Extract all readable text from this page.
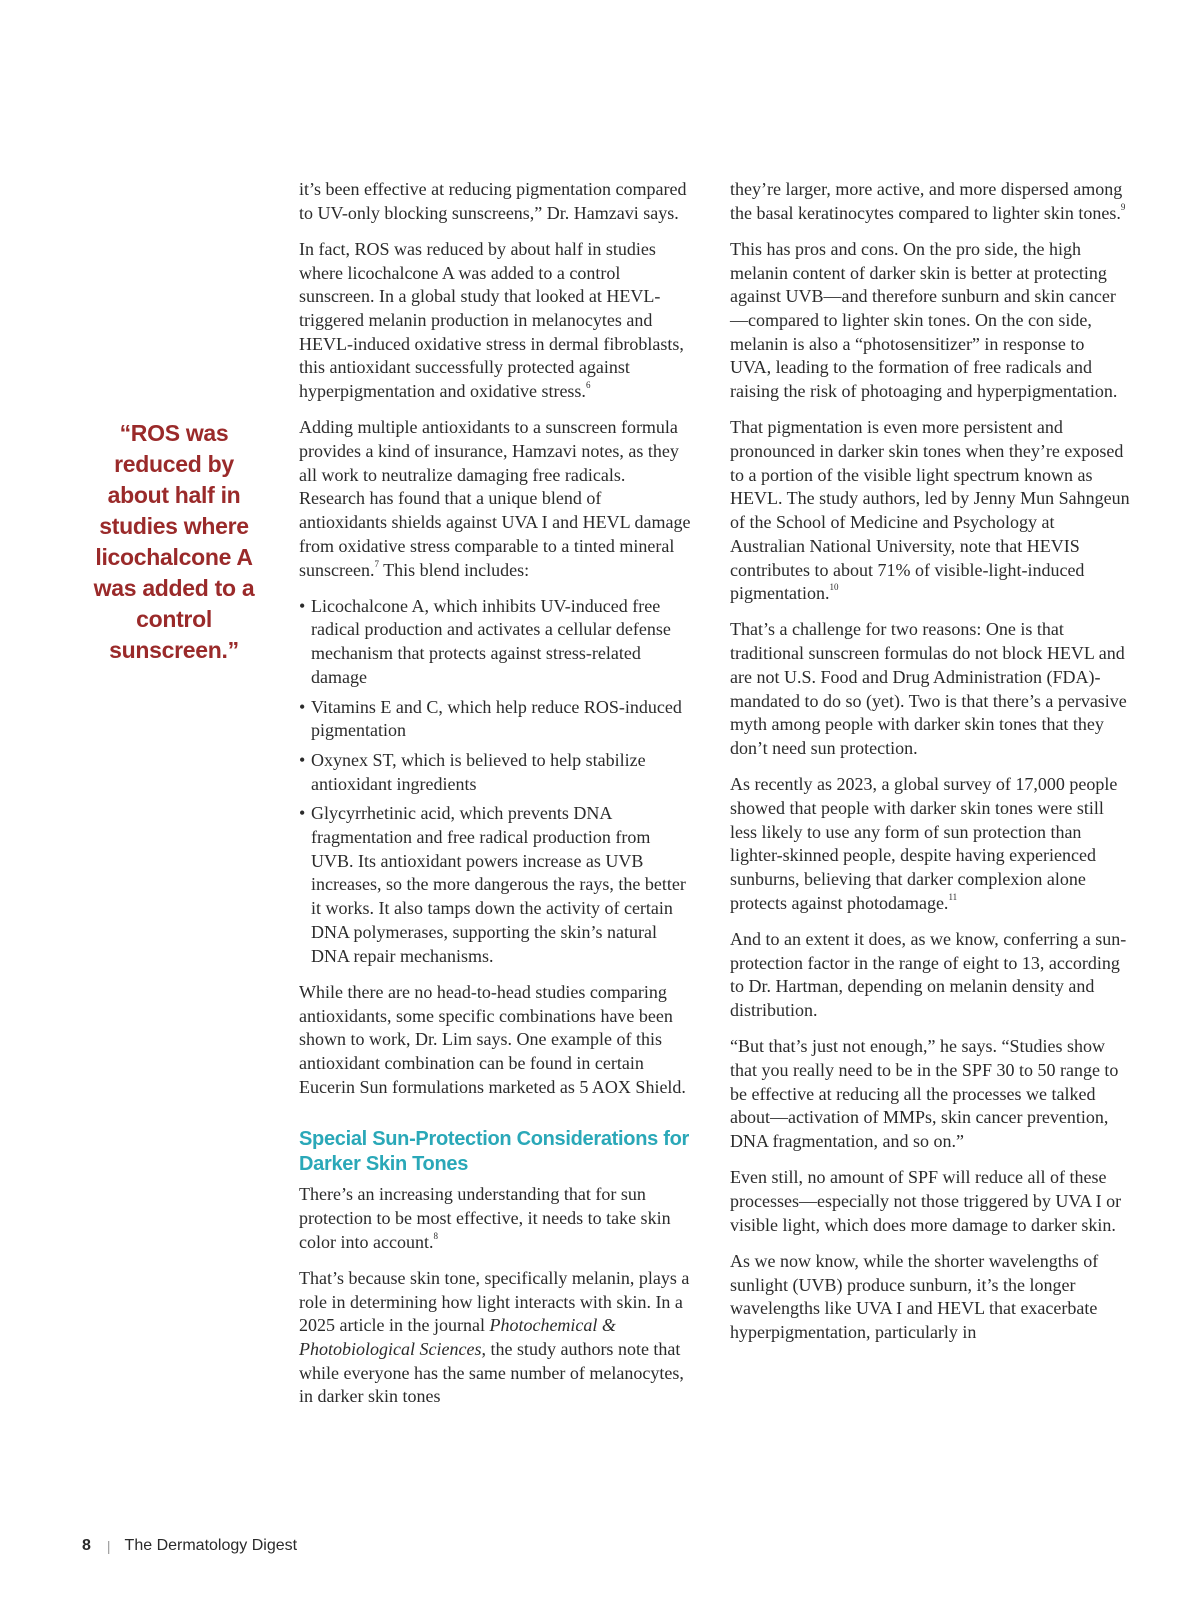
“ROS was reduced by about half in studies where licochalcone A was added to a control sunscreen.”

it’s been effective at reducing pigmentation compared to UV-only blocking sunscreens,” Dr. Hamzavi says.

In fact, ROS was reduced by about half in studies where licochalcone A was added to a control sunscreen. In a global study that looked at HEVL-triggered melanin production in melanocytes and HEVL-induced oxidative stress in dermal fibroblasts, this antioxidant successfully protected against hyperpigmentation and oxidative stress.$^6$

Adding multiple antioxidants to a sunscreen formula provides a kind of insurance, Hamzavi notes, as they all work to neutralize damaging free radicals. Research has found that a unique blend of antioxidants shields against UVA I and HEVL damage from oxidative stress comparable to a tinted mineral sunscreen.$^7$ This blend includes:

• Licochalcone A, which inhibits UV-induced free radical production and activates a cellular defense mechanism that protects against stress-related damage
• Vitamins E and C, which help reduce ROS-induced pigmentation
• Oxynex ST, which is believed to help stabilize antioxidant ingredients
• Glycyrrhetinic acid, which prevents DNA fragmentation and free radical production from UVB. Its antioxidant powers increase as UVB increases, so the more dangerous the rays, the better it works. It also tamps down the activity of certain DNA polymerases, supporting the skin’s natural DNA repair mechanisms.

While there are no head-to-head studies comparing antioxidants, some specific combinations have been shown to work, Dr. Lim says. One example of this antioxidant combination can be found in certain Eucerin Sun formulations marketed as 5 AOX Shield.

Special Sun-Protection Considerations for Darker Skin Tones

There’s an increasing understanding that for sun protection to be most effective, it needs to take skin color into account.$^8$

That’s because skin tone, specifically melanin, plays a role in determining how light interacts with skin. In a 2025 article in the journal Photochemical & Photobiological Sciences, the study authors note that while everyone has the same number of melanocytes, in darker skin tones

they’re larger, more active, and more dispersed among the basal keratinocytes compared to lighter skin tones.$^9$

This has pros and cons. On the pro side, the high melanin content of darker skin is better at protecting against UVB—and therefore sunburn and skin cancer—compared to lighter skin tones. On the con side, melanin is also a “photosensitizer” in response to UVA, leading to the formation of free radicals and raising the risk of photoaging and hyperpigmentation.

That pigmentation is even more persistent and pronounced in darker skin tones when they’re exposed to a portion of the visible light spectrum known as HEVL. The study authors, led by Jenny Mun Sahngeun of the School of Medicine and Psychology at Australian National University, note that HEVIS contributes to about 71% of visible-light-induced pigmentation.$^{10}$

That’s a challenge for two reasons: One is that traditional sunscreen formulas do not block HEVL and are not U.S. Food and Drug Administration (FDA)-mandated to do so (yet). Two is that there’s a pervasive myth among people with darker skin tones that they don’t need sun protection.

As recently as 2023, a global survey of 17,000 people showed that people with darker skin tones were still less likely to use any form of sun protection than lighter-skinned people, despite having experienced sunburns, believing that darker complexion alone protects against photodamage.$^{11}$

And to an extent it does, as we know, conferring a sun-protection factor in the range of eight to 13, according to Dr. Hartman, depending on melanin density and distribution.

“But that’s just not enough,” he says. “Studies show that you really need to be in the SPF 30 to 50 range to be effective at reducing all the processes we talked about—activation of MMPs, skin cancer prevention, DNA fragmentation, and so on.”

Even still, no amount of SPF will reduce all of these processes—especially not those triggered by UVA I or visible light, which does more damage to darker skin.

As we now know, while the shorter wavelengths of sunlight (UVB) produce sunburn, it’s the longer wavelengths like UVA I and HEVL that exacerbate hyperpigmentation, particularly in

8 | The Dermatology Digest
